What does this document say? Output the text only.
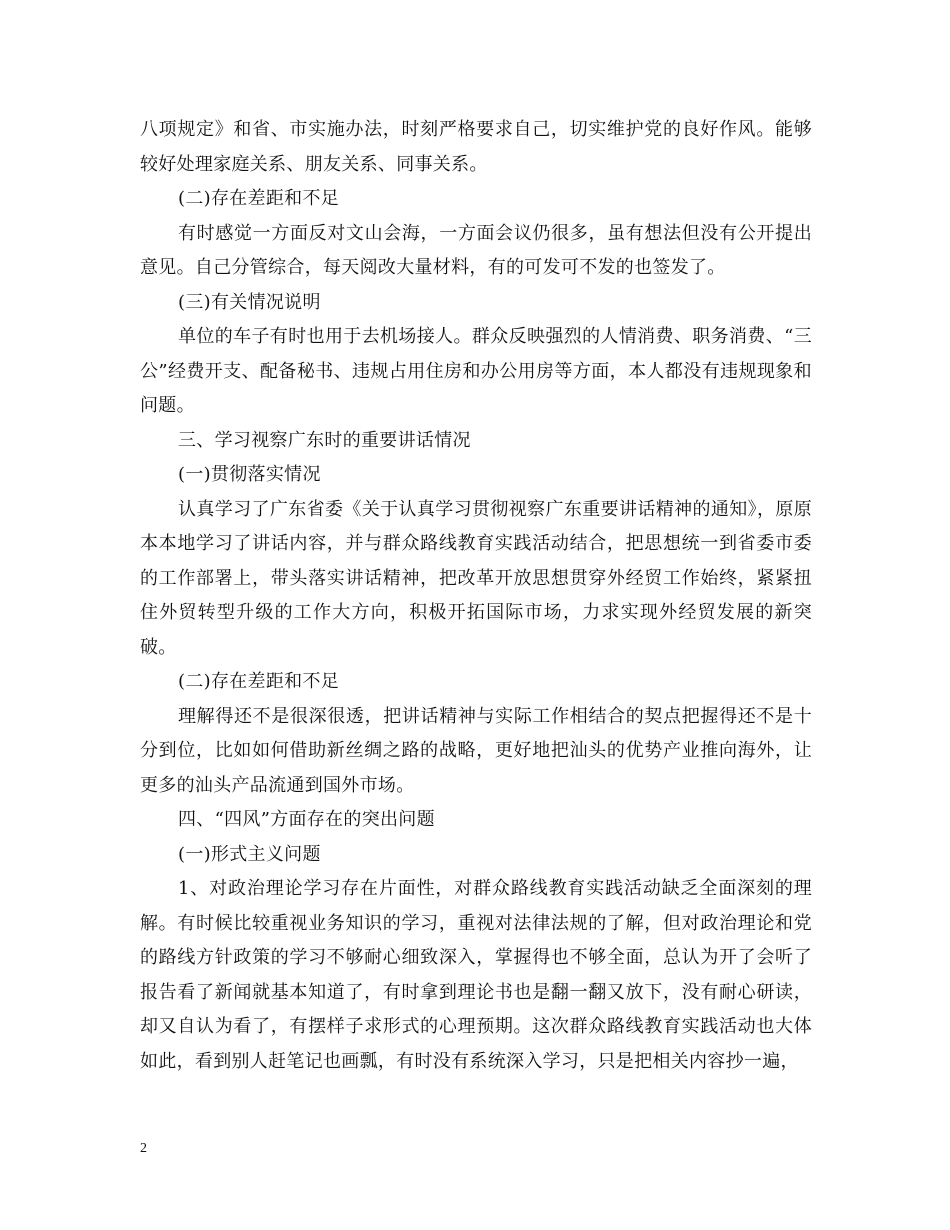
八项规定》和省、市实施办法，时刻严格要求自己，切实维护党的良好作风。能够较好处理家庭关系、朋友关系、同事关系。

(二)存在差距和不足

有时感觉一方面反对文山会海，一方面会议仍很多，虽有想法但没有公开提出意见。自己分管综合，每天阅改大量材料，有的可发可不发的也签发了。

(三)有关情况说明

单位的车子有时也用于去机场接人。群众反映强烈的人情消费、职务消费、“三公”经费开支、配备秘书、违规占用住房和办公用房等方面，本人都没有违规现象和问题。

三、学习视察广东时的重要讲话情况

(一)贯彻落实情况

认真学习了广东省委《关于认真学习贯彻视察广东重要讲话精神的通知》，原原本本地学习了讲话内容，并与群众路线教育实践活动结合，把思想统一到省委市委的工作部署上，带头落实讲话精神，把改革开放思想贯穿外经贸工作始终，紧紧扭住外贸转型升级的工作大方向，积极开拓国际市场，力求实现外经贸发展的新突破。

(二)存在差距和不足

理解得还不是很深很透，把讲话精神与实际工作相结合的契点把握得还不是十分到位，比如如何借助新丝绸之路的战略，更好地把汕头的优势产业推向海外，让更多的汕头产品流通到国外市场。

四、“四风”方面存在的突出问题

(一)形式主义问题

1、对政治理论学习存在片面性，对群众路线教育实践活动缺乏全面深刻的理解。有时候比较重视业务知识的学习，重视对法律法规的了解，但对政治理论和党的路线方针政策的学习不够耐心细致深入，掌握得也不够全面，总认为开了会听了报告看了新闻就基本知道了，有时拿到理论书也是翻一翻又放下，没有耐心研读，却又自认为看了，有摆样子求形式的心理预期。这次群众路线教育实践活动也大体如此，看到别人赶笔记也画瓢，有时没有系统深入学习，只是把相关内容抄一遍，

2
